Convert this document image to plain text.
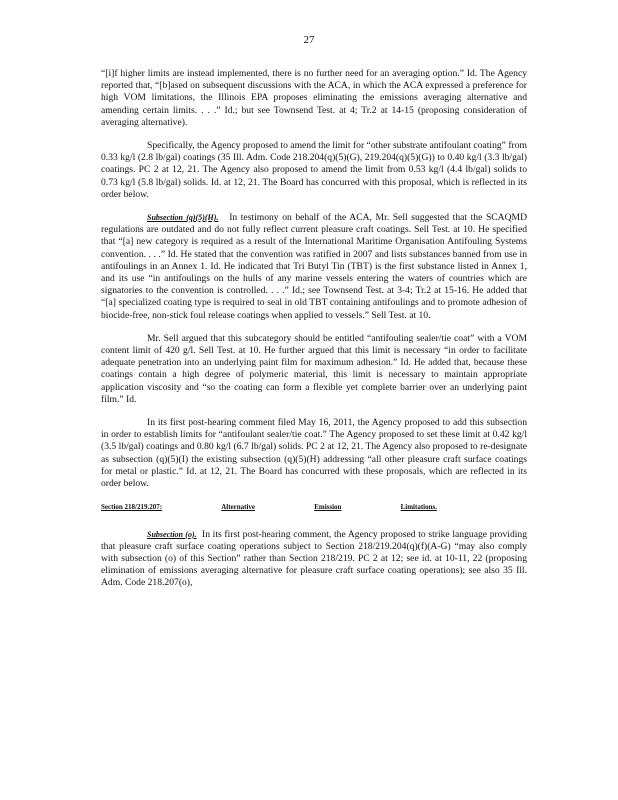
27

“[i]f higher limits are instead implemented, there is no further need for an averaging option.” Id. The Agency reported that, “[b]ased on subsequent discussions with the ACA, in which the ACA expressed a preference for high VOM limitations, the Illinois EPA proposes eliminating the emissions averaging alternative and amending certain limits. . . .” Id.; but see Townsend Test. at 4; Tr.2 at 14-15 (proposing consideration of averaging alternative).

Specifically, the Agency proposed to amend the limit for “other substrate antifoulant coating” from 0.33 kg/l (2.8 lb/gal) coatings (35 Ill. Adm. Code 218.204(q)(5)(G), 219.204(q)(5)(G)) to 0.40 kg/l (3.3 lb/gal) coatings. PC 2 at 12, 21. The Agency also proposed to amend the limit from 0.53 kg/l (4.4 lb/gal) solids to 0.73 kg/l (5.8 lb/gal) solids. Id. at 12, 21. The Board has concurred with this proposal, which is reflected in its order below.

Subsection (q)(5)(H). In testimony on behalf of the ACA, Mr. Sell suggested that the SCAQMD regulations are outdated and do not fully reflect current pleasure craft coatings. Sell Test. at 10. He specified that “[a] new category is required as a result of the International Maritime Organisation Antifouling Systems convention. . . .” Id. He stated that the convention was ratified in 2007 and lists substances banned from use in antifoulings in an Annex 1. Id. He indicated that Tri Butyl Tin (TBT) is the first substance listed in Annex 1, and its use “in antifoulings on the hulls of any marine vessels entering the waters of countries which are signatories to the convention is controlled. . . .” Id.; see Townsend Test. at 3-4; Tr.2 at 15-16. He added that “[a] specialized coating type is required to seal in old TBT containing antifoulings and to promote adhesion of biocide-free, non-stick foul release coatings when applied to vessels.” Sell Test. at 10.

Mr. Sell argued that this subcategory should be entitled “antifouling sealer/tie coat” with a VOM content limit of 420 g/l. Sell Test. at 10. He further argued that this limit is necessary “in order to facilitate adequate penetration into an underlying paint film for maximum adhesion.” Id. He added that, because these coatings contain a high degree of polymeric material, this limit is necessary to maintain appropriate application viscosity and “so the coating can form a flexible yet complete barrier over an underlying paint film.” Id.

In its first post-hearing comment filed May 16, 2011, the Agency proposed to add this subsection in order to establish limits for “antifoulant sealer/tie coat.” The Agency proposed to set these limit at 0.42 kg/l (3.5 lb/gal) coatings and 0.80 kg/l (6.7 lb/gal) solids. PC 2 at 12, 21. The Agency also proposed to re-designate as subsection (q)(5)(I) the existing subsection (q)(5)(H) addressing “all other pleasure craft surface coatings for metal or plastic.” Id. at 12, 21. The Board has concurred with these proposals, which are reflected in its order below.

Section 218/219.207:	Alternative	Emission	Limitations.

Subsection (o). In its first post-hearing comment, the Agency proposed to strike language providing that pleasure craft surface coating operations subject to Section 218/219.204(q)(f)(A-G) “may also comply with subsection (o) of this Section” rather than Section 218/219. PC 2 at 12; see id. at 10-11, 22 (proposing elimination of emissions averaging alternative for pleasure craft surface coating operations); see also 35 Ill. Adm. Code 218.207(o),
